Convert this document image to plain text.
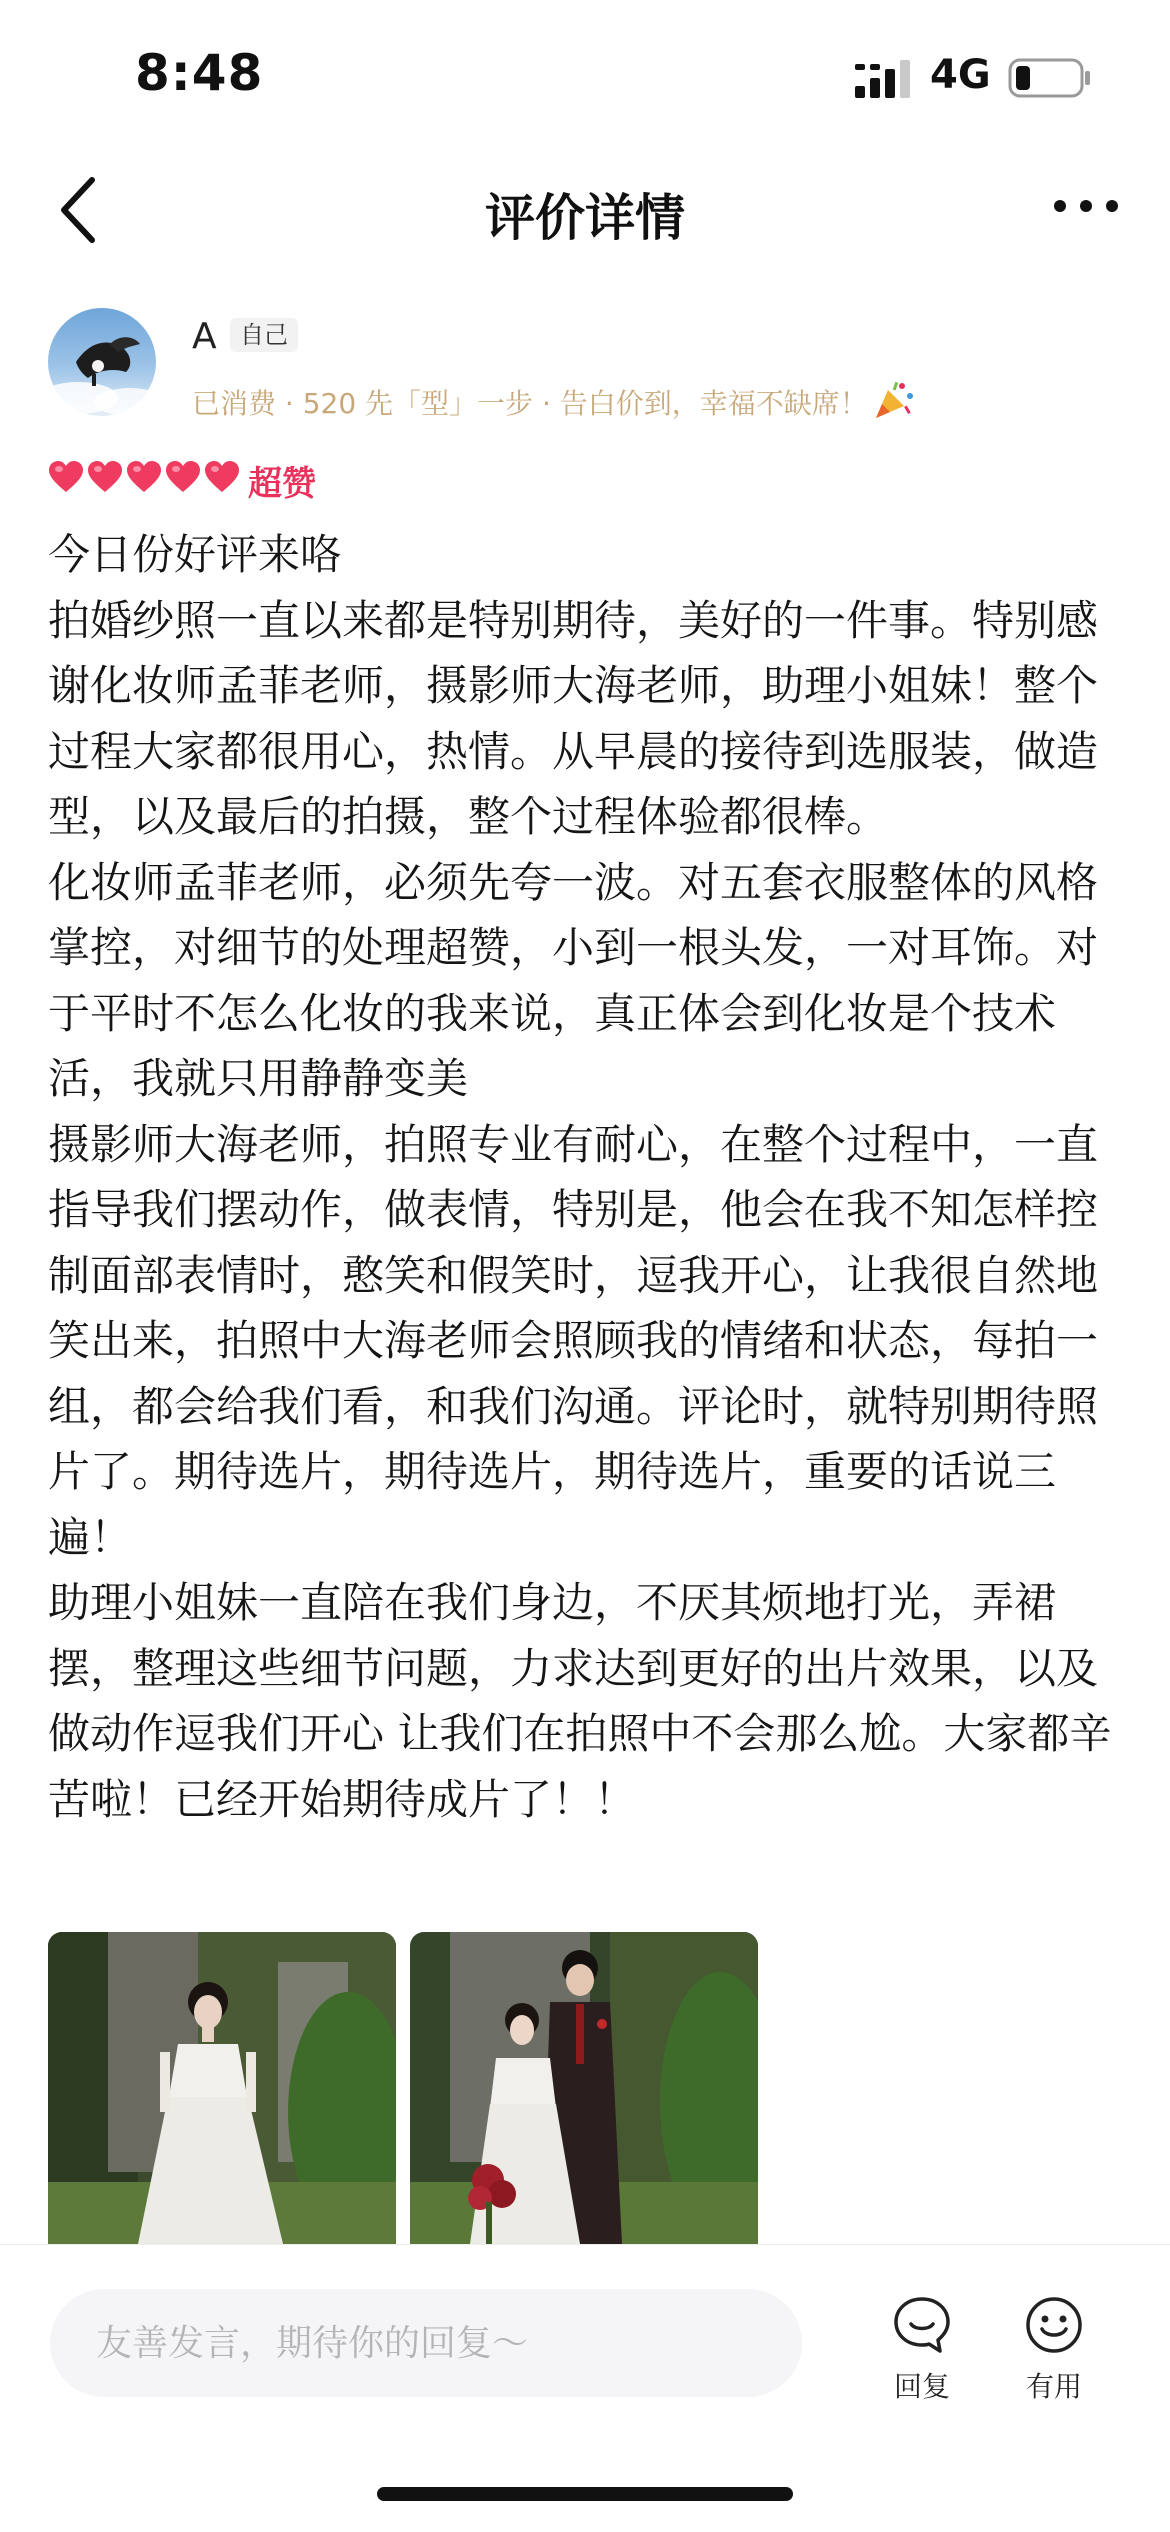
8:48	4G
评价详情
A 自己
已消费 · 520 先「型」一步 · 告白价到，幸福不缺席！
超赞
今日份好评来咯
拍婚纱照一直以来都是特别期待，美好的一件事。特别感谢化妆师孟菲老师，摄影师大海老师，助理小姐妹！整个过程大家都很用心，热情。从早晨的接待到选服装，做造型，以及最后的拍摄，整个过程体验都很棒。
化妆师孟菲老师，必须先夸一波。对五套衣服整体的风格掌控，对细节的处理超赞，小到一根头发，一对耳饰。对于平时不怎么化妆的我来说，真正体会到化妆是个技术活，我就只用静静变美
摄影师大海老师，拍照专业有耐心，在整个过程中，一直指导我们摆动作，做表情，特别是，他会在我不知怎样控制面部表情时，憨笑和假笑时，逗我开心，让我很自然地笑出来，拍照中大海老师会照顾我的情绪和状态，每拍一组，都会给我们看，和我们沟通。评论时，就特别期待照片了。期待选片，期待选片，期待选片，重要的话说三遍！
助理小姐妹一直陪在我们身边，不厌其烦地打光，弄裙摆，整理这些细节问题，力求达到更好的出片效果，以及做动作逗我们开心 让我们在拍照中不会那么尬。大家都辛苦啦！已经开始期待成片了！！
友善发言，期待你的回复～
回复	有用
